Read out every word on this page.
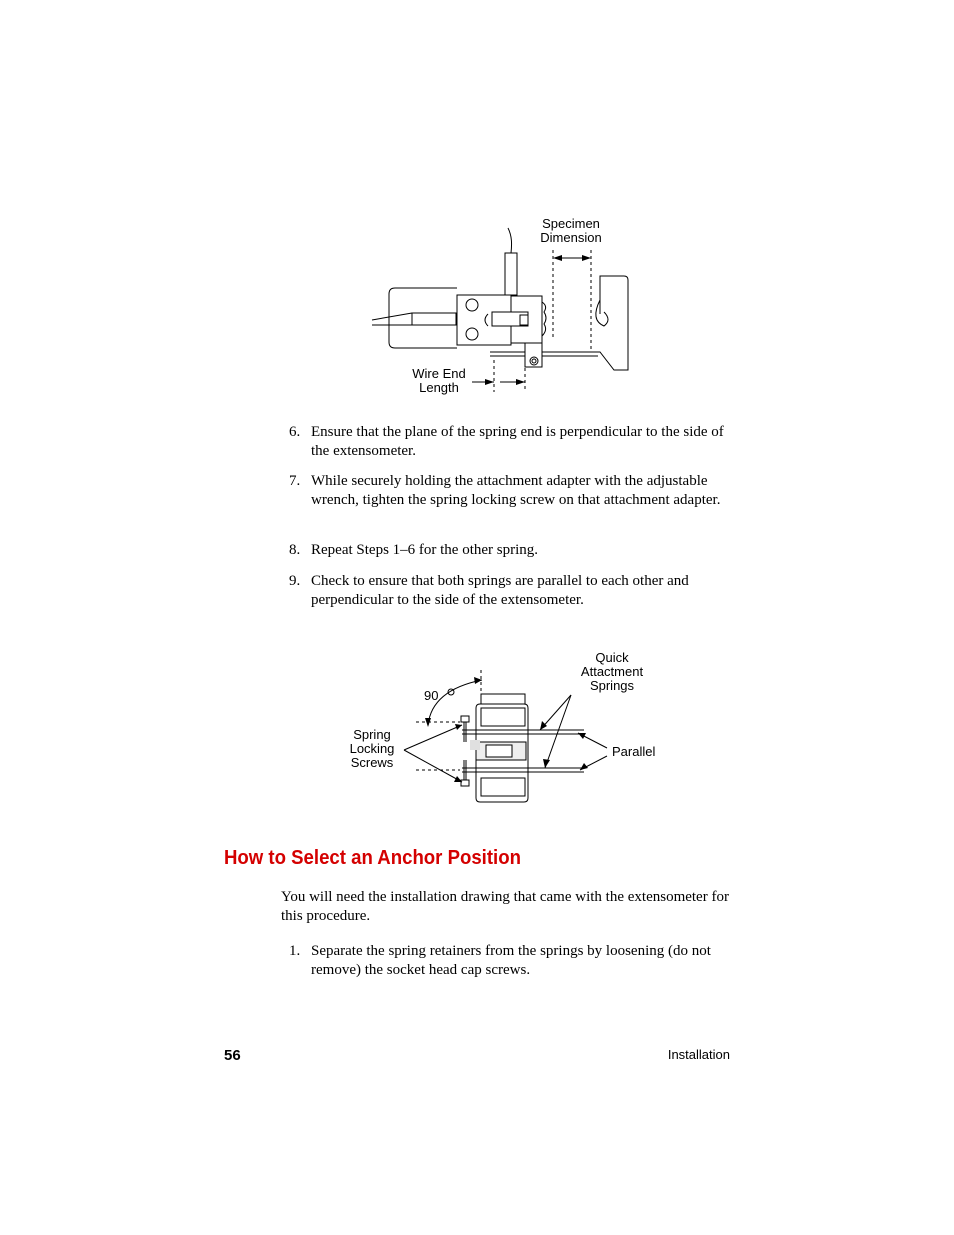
Specimen
Dimension
Wire End
Length
6. Ensure that the plane of the spring end is perpendicular to the side of the extensometer.
7. While securely holding the attachment adapter with the adjustable wrench, tighten the spring locking screw on that attachment adapter.
8. Repeat Steps 1–6 for the other spring.
9. Check to ensure that both springs are parallel to each other and perpendicular to the side of the extensometer.
Quick
Attactment
Springs
90
Spring
Locking
Screws
Parallel
How to Select an Anchor Position
You will need the installation drawing that came with the extensometer for this procedure.
1. Separate the spring retainers from the springs by loosening (do not remove) the socket head cap screws.
56	Installation
